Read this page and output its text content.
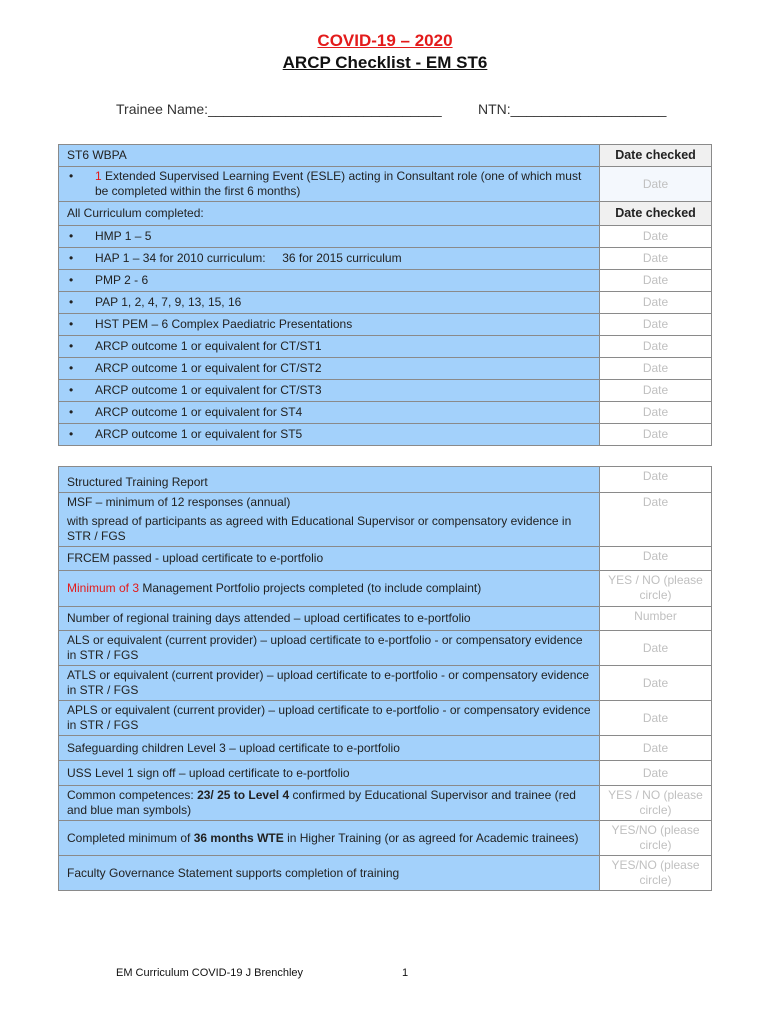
COVID-19 – 2020
ARCP Checklist - EM ST6
Trainee Name:______________________________	NTN:____________________
ST6 WBPA	Date checked

• 1 Extended Supervised Learning Event (ESLE) acting in Consultant role (one of which must be completed within the first 6 months)	Date
All Curriculum completed:	Date checked
• HMP 1 – 5	Date
• HAP 1 – 34 for 2010 curriculum:     36 for 2015 curriculum	Date
• PMP 2 - 6	Date
• PAP 1, 2, 4, 7, 9, 13, 15, 16	Date
• HST PEM – 6 Complex Paediatric Presentations	Date
• ARCP outcome 1 or equivalent for CT/ST1	Date
• ARCP outcome 1 or equivalent for CT/ST2	Date
• ARCP outcome 1 or equivalent for CT/ST3	Date
• ARCP outcome 1 or equivalent for ST4	Date
• ARCP outcome 1 or equivalent for ST5	Date
Structured Training Report	Date

MSF – minimum of 12 responses (annual)
with spread of participants as agreed with Educational Supervisor or compensatory evidence in STR / FGS	Date
FRCEM passed - upload certificate to e-portfolio	Date
Minimum of 3 Management Portfolio projects completed (to include complaint)	YES / NO (please circle)
Number of regional training days attended – upload certificates to e-portfolio	Number
ALS or equivalent (current provider) – upload certificate to e-portfolio - or compensatory evidence in STR / FGS	Date
ATLS or equivalent (current provider) – upload certificate to e-portfolio - or compensatory evidence in STR / FGS	Date
APLS or equivalent (current provider) – upload certificate to e-portfolio - or compensatory evidence in STR / FGS	Date
Safeguarding children Level 3 – upload certificate to e-portfolio	Date
USS Level 1 sign off – upload certificate to e-portfolio	Date
Common competences: 23/ 25 to Level 4 confirmed by Educational Supervisor and trainee (red and blue man symbols)	YES / NO (please circle)
Completed minimum of 36 months WTE in Higher Training (or as agreed for Academic trainees)	YES/NO (please circle)
Faculty Governance Statement supports completion of training	YES/NO (please circle)
EM Curriculum COVID-19 J Brenchley	1
